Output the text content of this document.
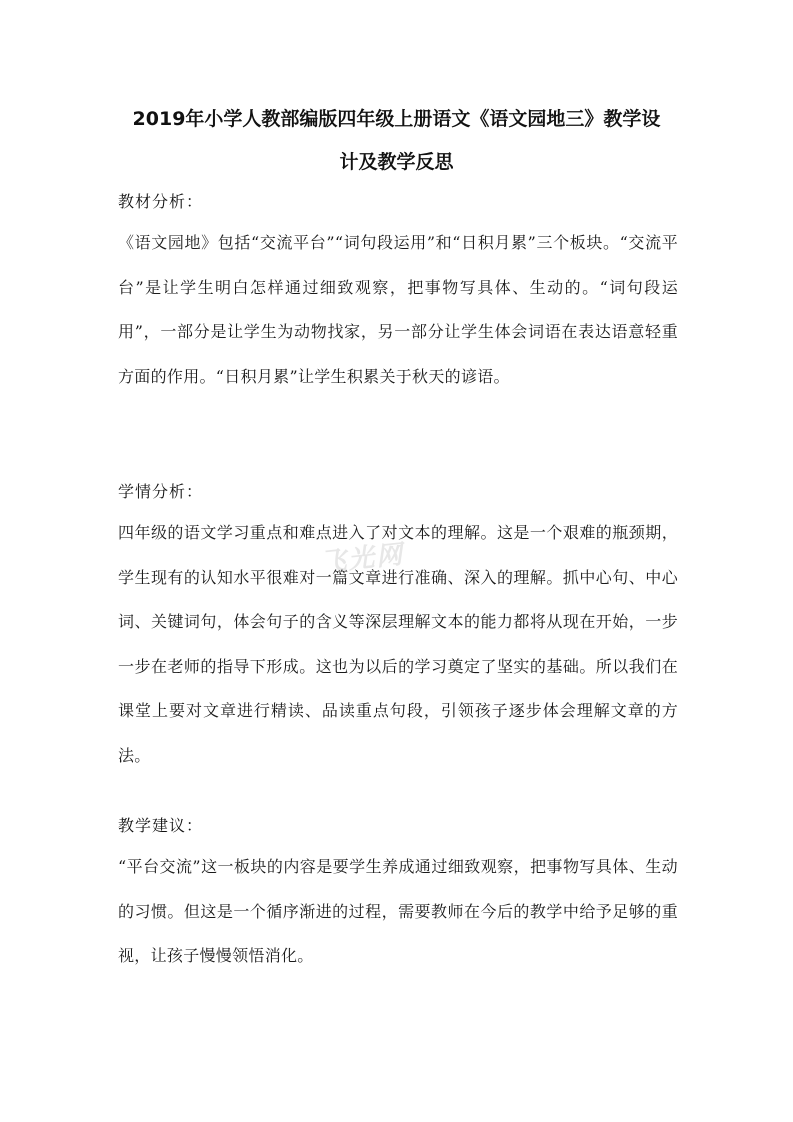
2019年小学人教部编版四年级上册语文《语文园地三》教学设
计及教学反思
教材分析：
《语文园地》包括“交流平台”“词句段运用”和“日积月累”三个板块。“交流平台”是让学生明白怎样通过细致观察，把事物写具体、生动的。“词句段运用”，一部分是让学生为动物找家，另一部分让学生体会词语在表达语意轻重方面的作用。“日积月累”让学生积累关于秋天的谚语。
学情分析：
四年级的语文学习重点和难点进入了对文本的理解。这是一个艰难的瓶颈期，学生现有的认知水平很难对一篇文章进行准确、深入的理解。抓中心句、中心词、关键词句，体会句子的含义等深层理解文本的能力都将从现在开始，一步一步在老师的指导下形成。这也为以后的学习奠定了坚实的基础。所以我们在课堂上要对文章进行精读、品读重点句段，引领孩子逐步体会理解文章的方法。
教学建议：
“平台交流”这一板块的内容是要学生养成通过细致观察，把事物写具体、生动的习惯。但这是一个循序渐进的过程，需要教师在今后的教学中给予足够的重视，让孩子慢慢领悟消化。
飞光网
